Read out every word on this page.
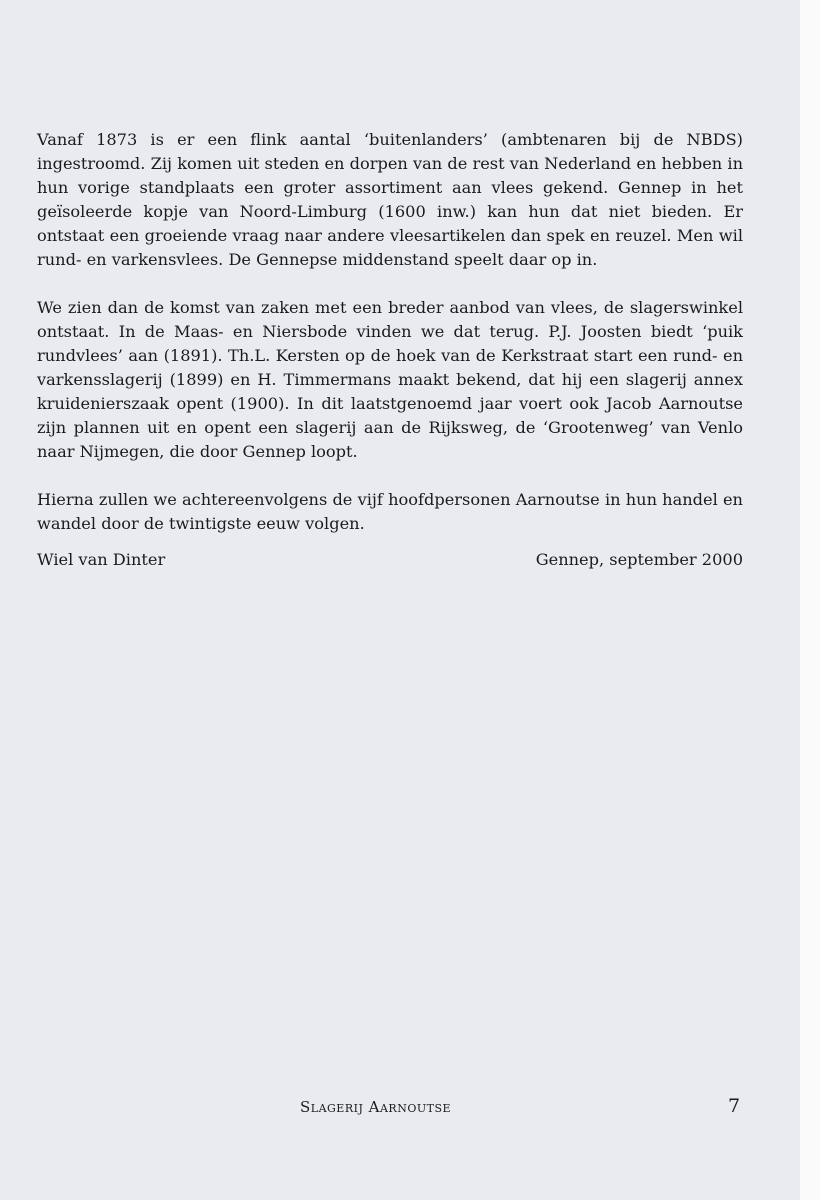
Vanaf 1873 is er een flink aantal ‘buitenlanders’ (ambtenaren bij de NBDS) ingestroomd. Zij komen uit steden en dorpen van de rest van Nederland en hebben in hun vorige standplaats een groter assortiment aan vlees gekend. Gennep in het geïsoleerde kopje van Noord-Limburg (1600 inw.) kan hun dat niet bieden. Er ontstaat een groeiende vraag naar andere vleesartikelen dan spek en reuzel. Men wil rund- en varkensvlees. De Gennepse middenstand speelt daar op in.

We zien dan de komst van zaken met een breder aanbod van vlees, de slagerswinkel ontstaat. In de Maas- en Niersbode vinden we dat terug. P.J. Joosten biedt ‘puik rundvlees’ aan (1891). Th.L. Kersten op de hoek van de Kerkstraat start een rund- en varkensslagerij (1899) en H. Timmermans maakt bekend, dat hij een slagerij annex kruidenierszaak opent (1900). In dit laatstgenoemd jaar voert ook Jacob Aarnoutse zijn plannen uit en opent een slagerij aan de Rijksweg, de ‘Grootenweg’ van Venlo naar Nijmegen, die door Gennep loopt.

Hierna zullen we achtereenvolgens de vijf hoofdpersonen Aarnoutse in hun handel en wandel door de twintigste eeuw volgen.

Wiel van Dinter	Gennep, september 2000
Slagerij Aarnoutse	7
